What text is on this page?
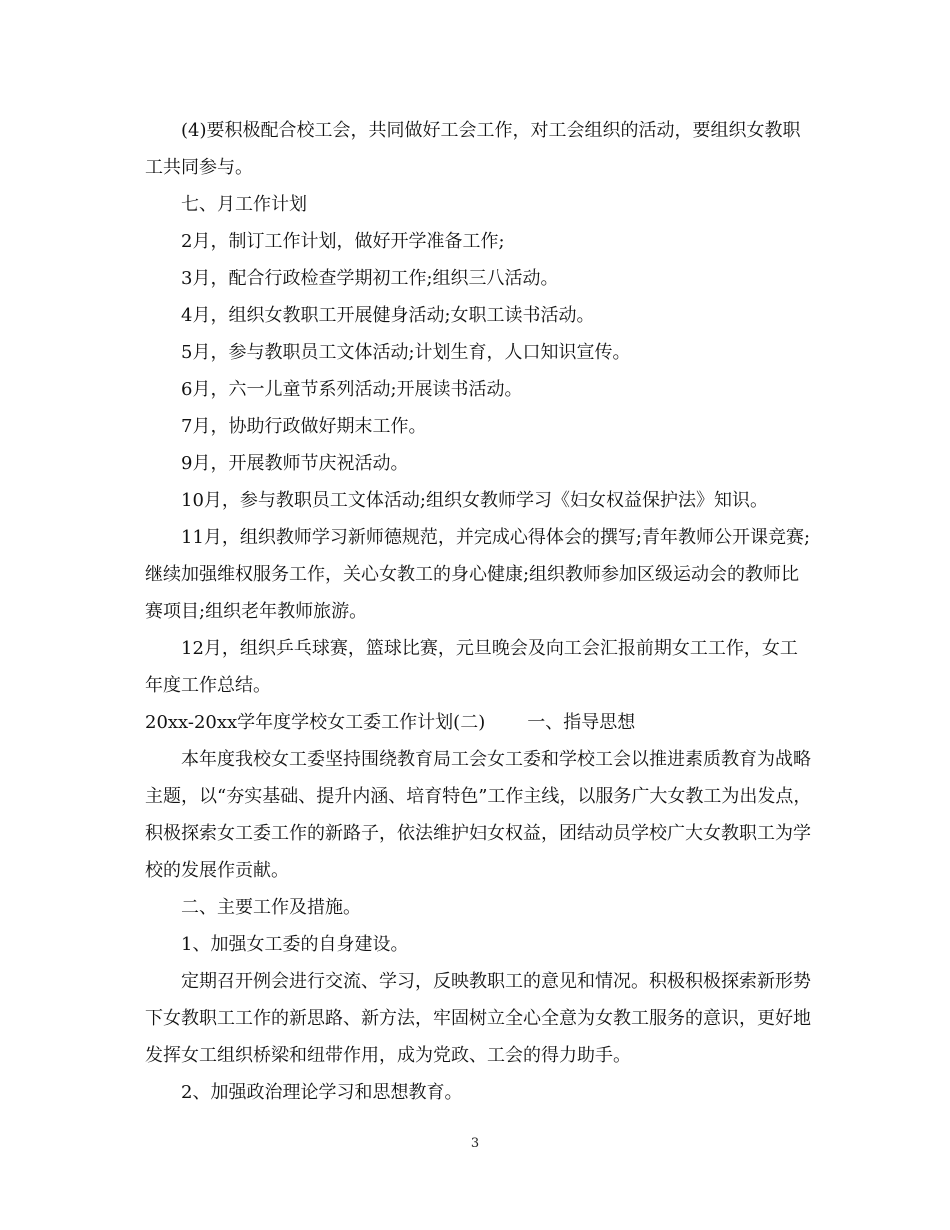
(4)要积极配合校工会，共同做好工会工作，对工会组织的活动，要组织女教职工共同参与。

七、月工作计划

2月，制订工作计划，做好开学准备工作;

3月，配合行政检查学期初工作;组织三八活动。

4月，组织女教职工开展健身活动;女职工读书活动。

5月，参与教职员工文体活动;计划生育，人口知识宣传。

6月，六一儿童节系列活动;开展读书活动。

7月，协助行政做好期末工作。

9月，开展教师节庆祝活动。

10月，参与教职员工文体活动;组织女教师学习《妇女权益保护法》知识。

11月，组织教师学习新师德规范，并完成心得体会的撰写;青年教师公开课竞赛;继续加强维权服务工作，关心女教工的身心健康;组织教师参加区级运动会的教师比赛项目;组织老年教师旅游。

12月，组织乒乓球赛，篮球比赛，元旦晚会及向工会汇报前期女工工作，女工年度工作总结。

20xx-20xx学年度学校女工委工作计划(二) 一、指导思想

本年度我校女工委坚持围绕教育局工会女工委和学校工会以推进素质教育为战略主题，以“夯实基础、提升内涵、培育特色”工作主线，以服务广大女教工为出发点，积极探索女工委工作的新路子，依法维护妇女权益，团结动员学校广大女教职工为学校的发展作贡献。

二、主要工作及措施。

1、加强女工委的自身建设。

定期召开例会进行交流、学习，反映教职工的意见和情况。积极积极探索新形势下女教职工工作的新思路、新方法，牢固树立全心全意为女教工服务的意识，更好地发挥女工组织桥梁和纽带作用，成为党政、工会的得力助手。

2、加强政治理论学习和思想教育。

3
